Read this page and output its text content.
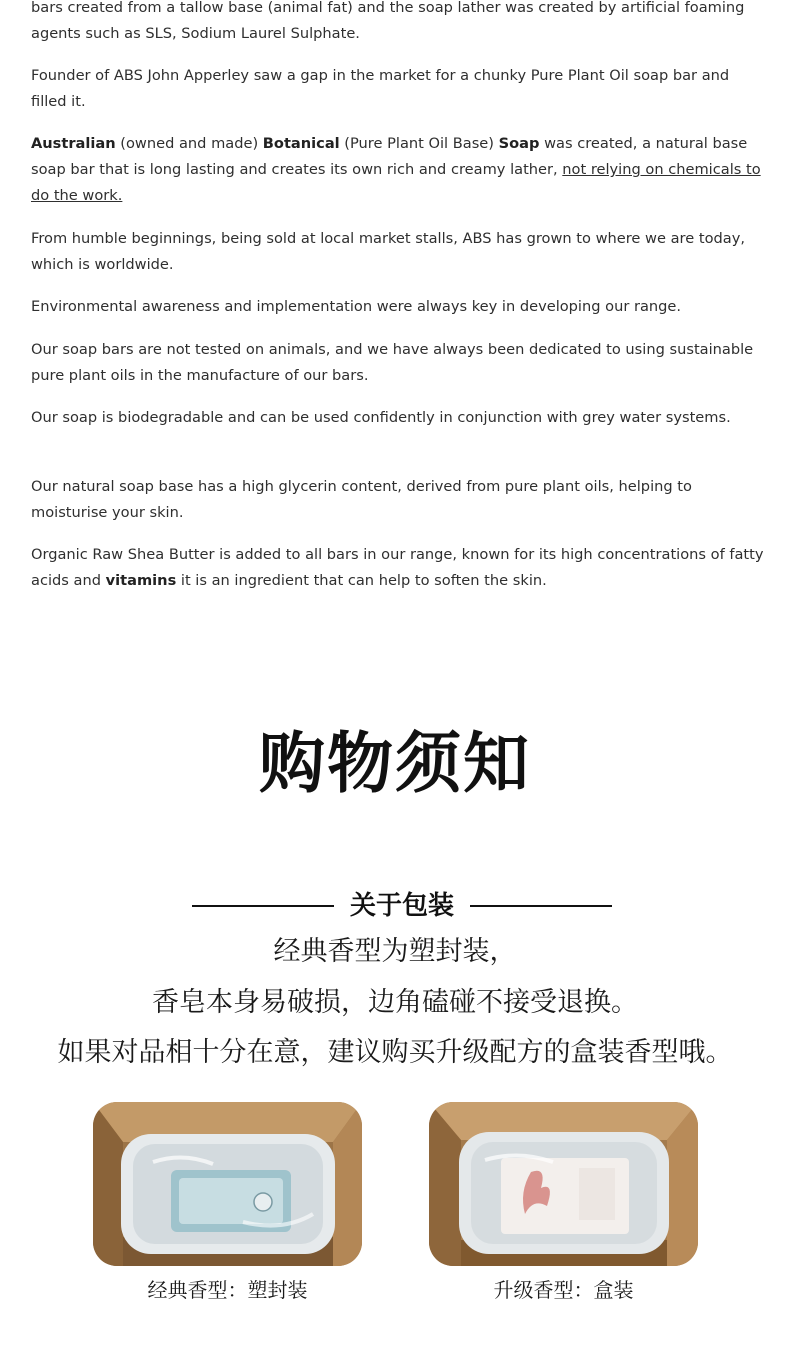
bars created from a tallow base (animal fat) and the soap lather was created by artificial foaming agents such as SLS, Sodium Laurel Sulphate.

Founder of ABS John Apperley saw a gap in the market for a chunky Pure Plant Oil soap bar and filled it.

Australian (owned and made) Botanical (Pure Plant Oil Base) Soap was created, a natural base soap bar that is long lasting and creates its own rich and creamy lather, not relying on chemicals to do the work.

From humble beginnings, being sold at local market stalls, ABS has grown to where we are today, which is worldwide.

Environmental awareness and implementation were always key in developing our range.

Our soap bars are not tested on animals, and we have always been dedicated to using sustainable pure plant oils in the manufacture of our bars.

Our soap is biodegradable and can be used confidently in conjunction with grey water systems.

Our natural soap base has a high glycerin content, derived from pure plant oils, helping to moisturise your skin.

Organic Raw Shea Butter is added to all bars in our range, known for its high concentrations of fatty acids and vitamins it is an ingredient that can help to soften the skin.

购物须知
关于包装
经典香型为塑封装，
香皂本身易破损，边角磕碰不接受退换。
如果对品相十分在意，建议购买升级配方的盒装香型哦。
经典香型：塑封装	升级香型：盒装
